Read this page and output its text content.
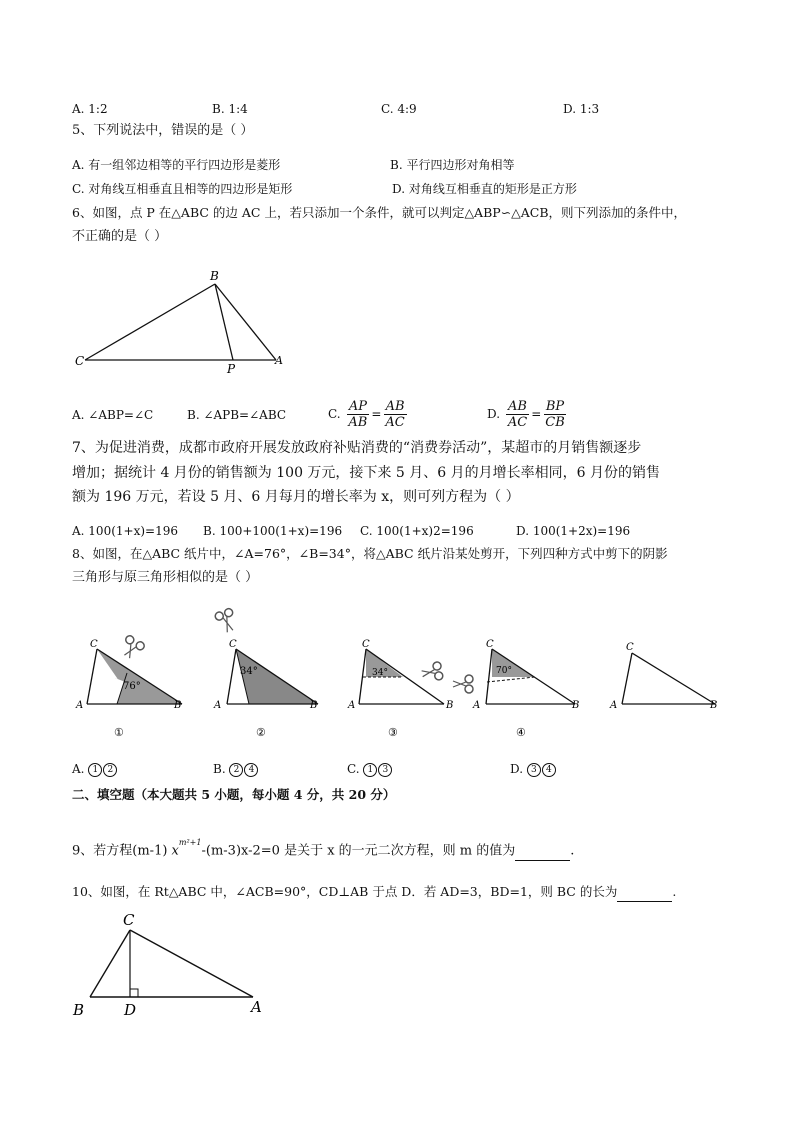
A. 1:2	B. 1:4	C. 4:9	D. 1:3
5、下列说法中，错误的是（ ）
A. 有一组邻边相等的平行四边形是菱形	B. 平行四边形对角相等
C. 对角线互相垂直且相等的四边形是矩形	D. 对角线互相垂直的矩形是正方形
6、如图，点 P 在△ABC 的边 AC 上，若只添加一个条件，就可以判定△ABP∽△ACB，则下列添加的条件中，
不正确的是（ ）
B
C
P
A
A. ∠ABP=∠C	B. ∠APB=∠ABC	C. $\frac{AP}{AB} = \frac{AB}{AC}$	D. $\frac{AB}{AC} = \frac{BP}{CB}$
7、为促进消费，成都市政府开展发放政府补贴消费的“消费券活动”，某超市的月销售额逐步
增加；据统计 4 月份的销售额为 100 万元，接下来 5 月、6 月的月增长率相同，6 月份的销售
额为 196 万元，若设 5 月、6 月每月的增长率为 x，则可列方程为（ ）
A. 100(1+x)=196 B. 100+100(1+x)=196 C. 100(1+x)2=196	D. 100(1+2x)=196
8、如图，在△ABC 纸片中，∠A=76°，∠B=34°，将△ABC 纸片沿某处剪开，下列四种方式中剪下的阴影
三角形与原三角形相似的是（ ）
C
A	B
76°
①
C
A	B
34°
②
C
A	B
34°
③
C
A	B
70°
④
C
A	B
A. 1 2	B. 2 4	C. 1 3	D. 3 4
二、填空题（本大题共 5 小题，每小题 4 分，共 20 分）
9、若方程(m-1) $x^{m^2+1}-(m-3)x-2=0$ 是关于 x 的一元二次方程，则 m 的值为	.
10、如图，在 Rt△ABC 中，∠ACB=90°，CD⊥AB 于点 D．若 AD=3，BD=1，则 BC 的长为	.
C
B	D	A
